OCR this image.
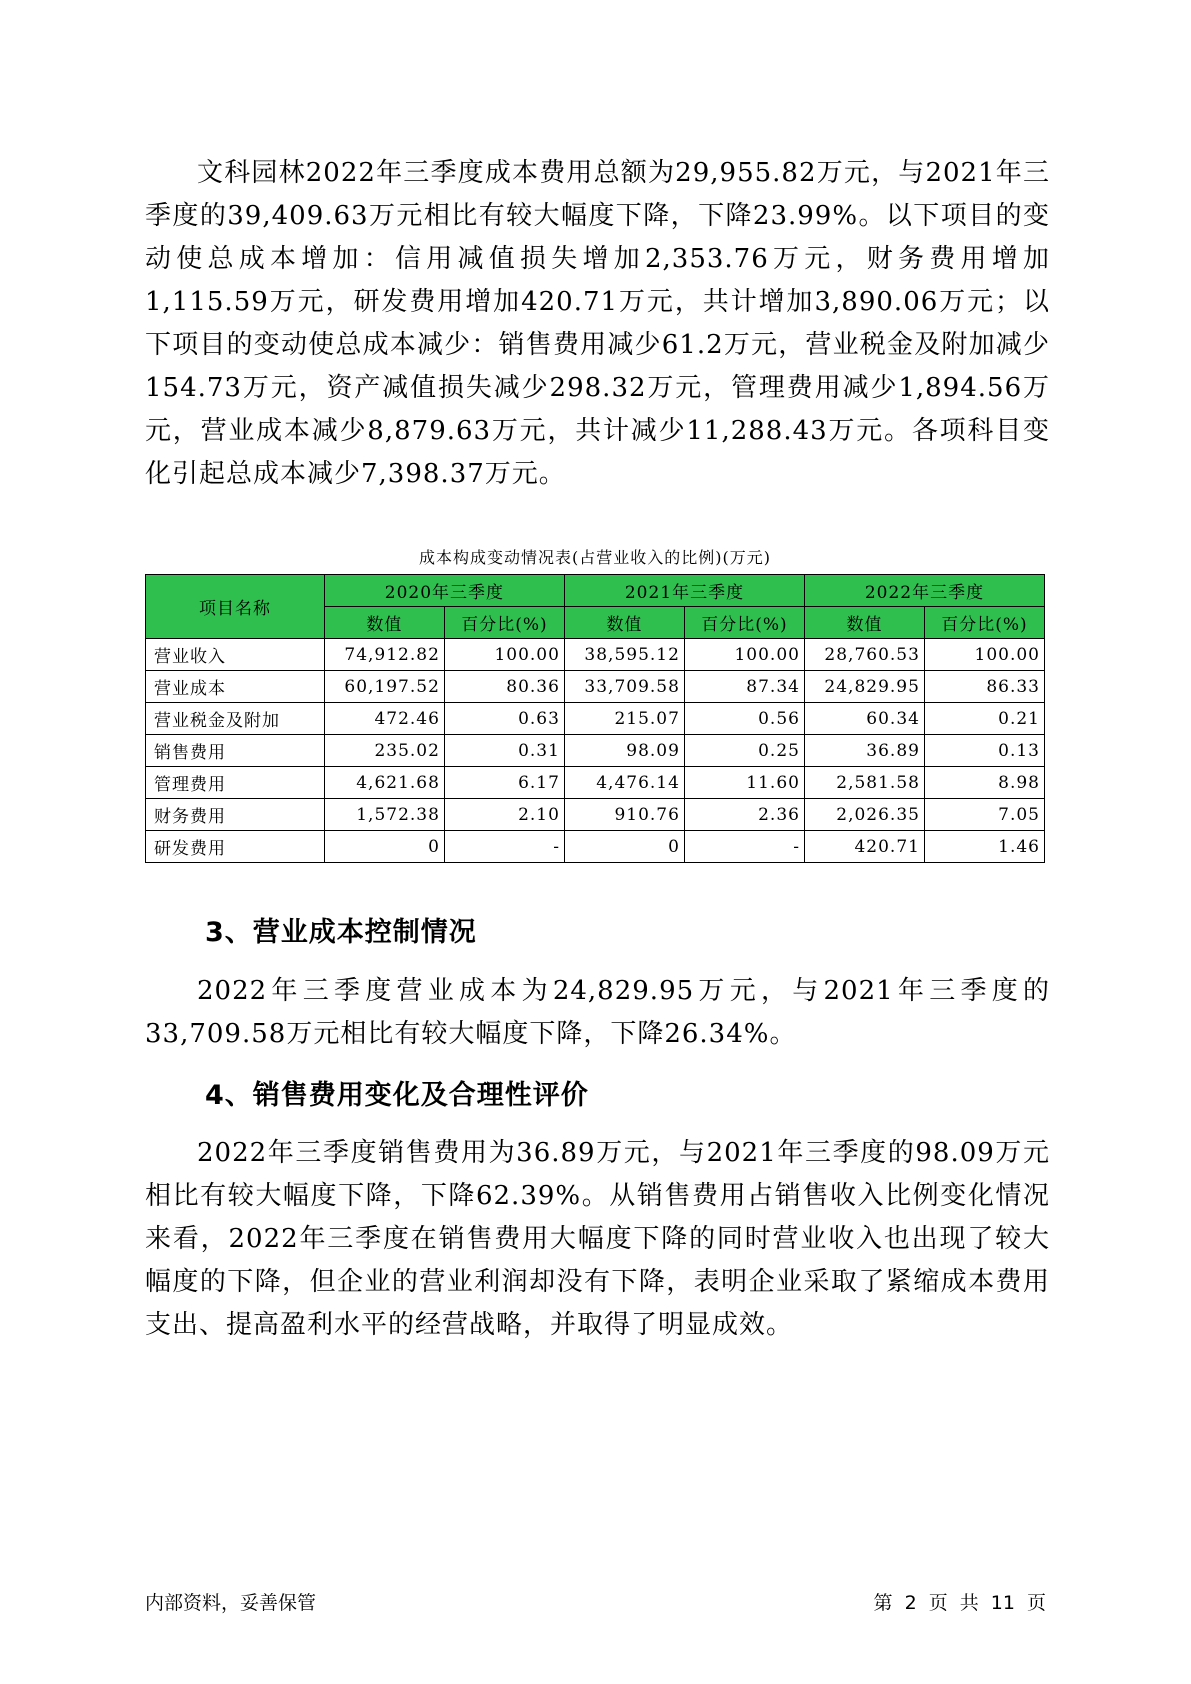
文科园林2022年三季度成本费用总额为29,955.82万元，与2021年三季度的39,409.63万元相比有较大幅度下降，下降23.99%。以下项目的变动使总成本增加：信用减值损失增加2,353.76万元，财务费用增加1,115.59万元，研发费用增加420.71万元，共计增加3,890.06万元；以下项目的变动使总成本减少：销售费用减少61.2万元，营业税金及附加减少154.73万元，资产减值损失减少298.32万元，管理费用减少1,894.56万元，营业成本减少8,879.63万元，共计减少11,288.43万元。各项科目变化引起总成本减少7,398.37万元。

成本构成变动情况表(占营业收入的比例)(万元)
项目名称	2020年三季度		2021年三季度		2022年三季度	
	数值	百分比(%)	数值	百分比(%)	数值	百分比(%)
营业收入	74,912.82	100.00	38,595.12	100.00	28,760.53	100.00
营业成本	60,197.52	80.36	33,709.58	87.34	24,829.95	86.33
营业税金及附加	472.46	0.63	215.07	0.56	60.34	0.21
销售费用	235.02	0.31	98.09	0.25	36.89	0.13
管理费用	4,621.68	6.17	4,476.14	11.60	2,581.58	8.98
财务费用	1,572.38	2.10	910.76	2.36	2,026.35	7.05
研发费用	0	-	0	-	420.71	1.46
3、营业成本控制情况

2022年三季度营业成本为24,829.95万元，与2021年三季度的33,709.58万元相比有较大幅度下降，下降26.34%。

4、销售费用变化及合理性评价

2022年三季度销售费用为36.89万元，与2021年三季度的98.09万元相比有较大幅度下降，下降62.39%。从销售费用占销售收入比例变化情况来看，2022年三季度在销售费用大幅度下降的同时营业收入也出现了较大幅度的下降，但企业的营业利润却没有下降，表明企业采取了紧缩成本费用支出、提高盈利水平的经营战略，并取得了明显成效。

内部资料，妥善保管	第 2 页 共 11 页
